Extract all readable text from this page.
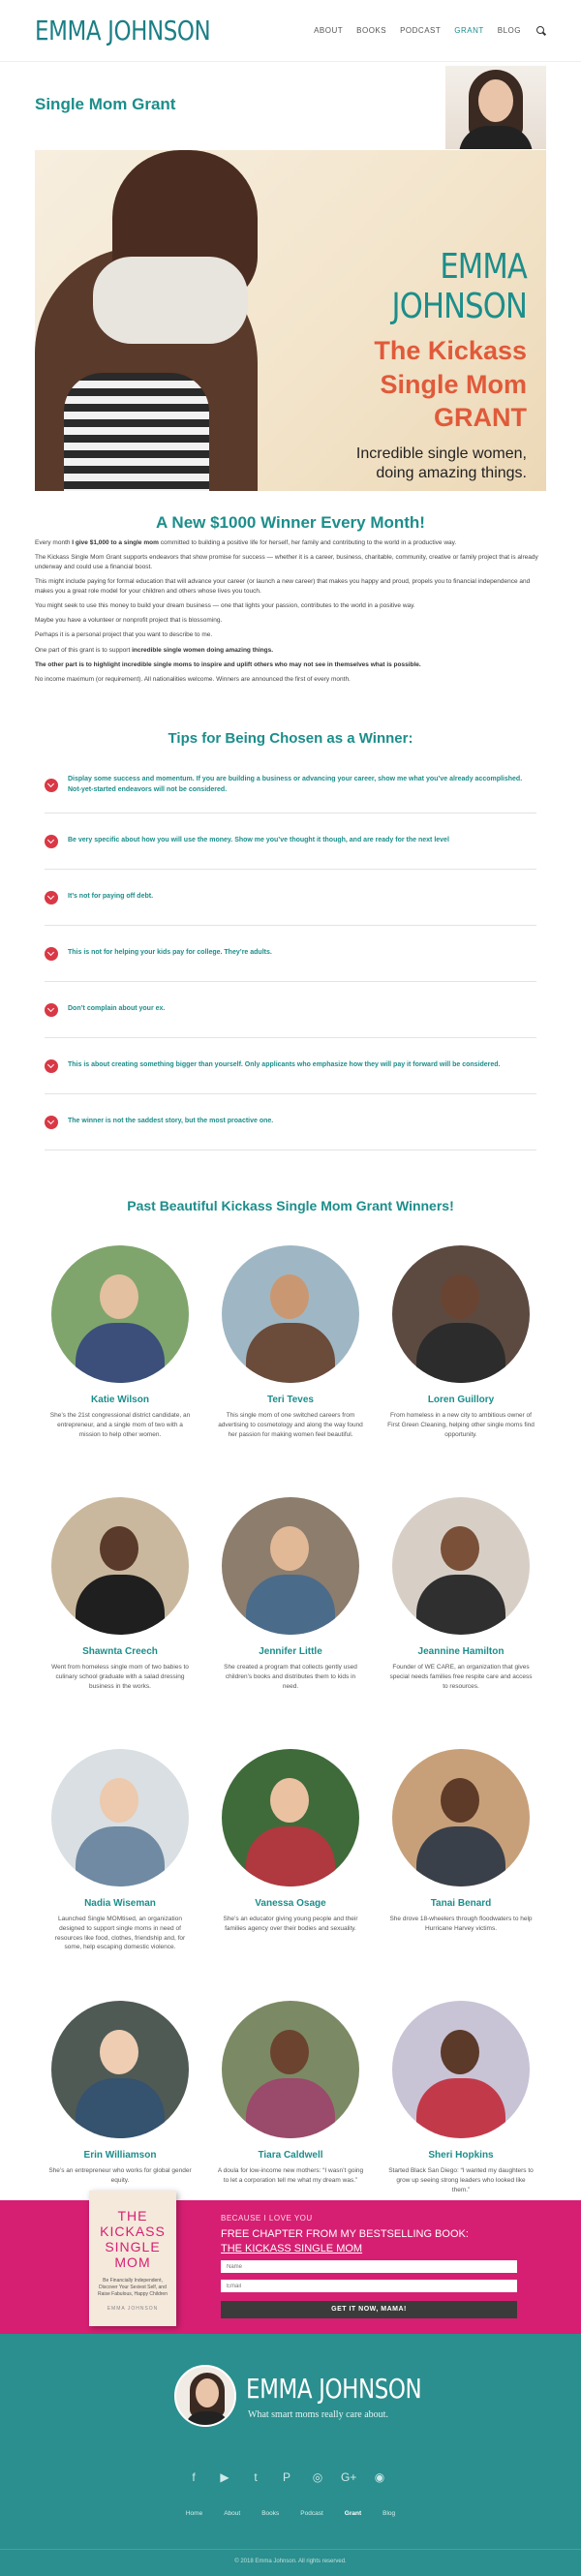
EMMA JOHNSON	ABOUT BOOKS PODCAST GRANT BLOG
Single Mom Grant
EMMA JOHNSON
The Kickass
Single Mom
GRANT
Incredible single women,
doing amazing things.
A New $1000 Winner Every Month!

Every month I give $1,000 to a single mom committed to building a positive life for herself, her family and contributing to the world in a productive way.

The Kickass Single Mom Grant supports endeavors that show promise for success — whether it is a career, business, charitable, community, creative or family project that is already underway and could use a financial boost.

This might include paying for formal education that will advance your career (or launch a new career) that makes you happy and proud, propels you to financial independence and makes you a great role model for your children and others whose lives you touch.

You might seek to use this money to build your dream business — one that lights your passion, contributes to the world in a positive way.

Maybe you have a volunteer or nonprofit project that is blossoming.

Perhaps it is a personal project that you want to describe to me.

One part of this grant is to support incredible single women doing amazing things.

The other part is to highlight incredible single moms to inspire and uplift others who may not see in themselves what is possible.

No income maximum (or requirement). All nationalities welcome. Winners are announced the first of every month.

Tips for Being Chosen as a Winner:
Display some success and momentum. If you are building a business or advancing your career, show me what you’ve already accomplished. Not-yet-started endeavors will not be considered.
Be very specific about how you will use the money. Show me you’ve thought it though, and are ready for the next level
It’s not for paying off debt.
This is not for helping your kids pay for college. They’re adults.
Don’t complain about your ex.
This is about creating something bigger than yourself. Only applicants who emphasize how they will pay it forward will be considered.
The winner is not the saddest story, but the most proactive one.
Past Beautiful Kickass Single Mom Grant Winners!
Katie Wilson
She’s the 21st congressional district candidate, an entrepreneur, and a single mom of two with a mission to help other women.
Teri Teves
This single mom of one switched careers from advertising to cosmetology and along the way found her passion for making women feel beautiful.
Loren Guillory
From homeless in a new city to ambitious owner of First Green Cleaning, helping other single moms find opportunity.
Shawnta Creech
Went from homeless single mom of two babies to culinary school graduate with a salad dressing business in the works.
Jennifer Little
She created a program that collects gently used children’s books and distributes them to kids in need.
Jeannine Hamilton
Founder of WE CARE, an organization that gives special needs families free respite care and access to resources.
Nadia Wiseman
Launched Single MOMtised, an organization designed to support single moms in need of resources like food, clothes, friendship and, for some, help escaping domestic violence.
Vanessa Osage
She’s an educator giving young people and their families agency over their bodies and sexuality.
Tanai Benard
She drove 18-wheelers through floodwaters to help Hurricane Harvey victims.
Erin Williamson
She’s an entrepreneur who works for global gender equity.
Tiara Caldwell
A doula for low-income new mothers: “I wasn’t going to let a corporation tell me what my dream was.”
Sheri Hopkins
Started Black San Diego: “I wanted my daughters to grow up seeing strong leaders who looked like them.”
THE
KICKASS
SINGLE
MOM
Be Financially Independent, Discover Your Sexiest Self, and Raise Fabulous, Happy Children
EMMA JOHNSON
BECAUSE I LOVE YOU
FREE CHAPTER FROM MY BESTSELLING BOOK:
THE KICKASS SINGLE MOM
Name
Email
GET IT NOW, MAMA!
EMMA JOHNSON
What smart moms really care about.
f	▶	t	P	◎ G+ ◉
Home	About	Books	Podcast	Grant	Blog
© 2018 Emma Johnson. All rights reserved.
